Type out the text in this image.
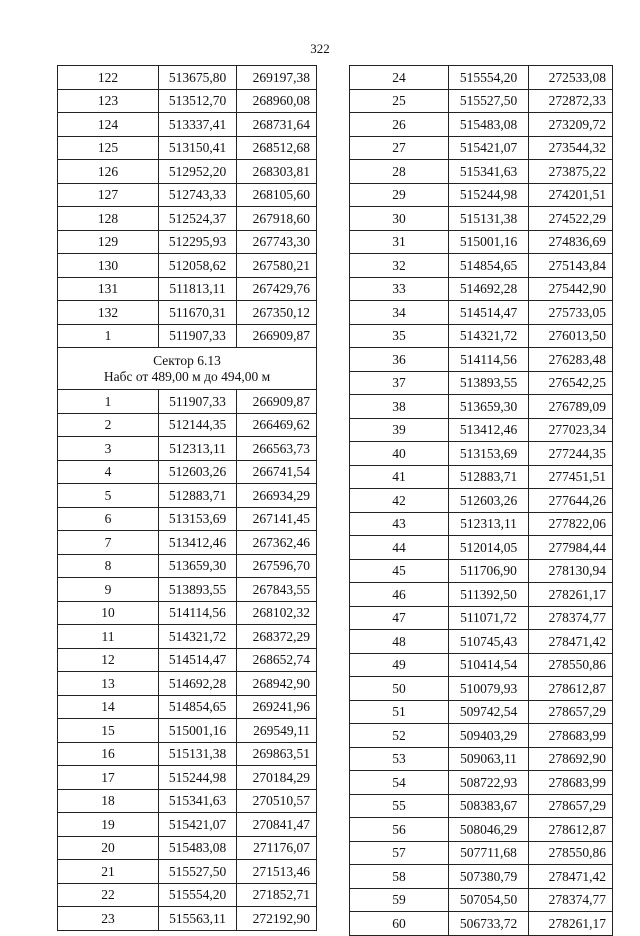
322
122	513675,80	269197,38
123	513512,70	268960,08
124	513337,41	268731,64
125	513150,41	268512,68
126	512952,20	268303,81
127	512743,33	268105,60
128	512524,37	267918,60
129	512295,93	267743,30
130	512058,62	267580,21
131	511813,11	267429,76
132	511670,31	267350,12
1	511907,33	266909,87

Сектор 6.13
Набс от 489,00 м до 494,00 м		

1	511907,33	266909,87
2	512144,35	266469,62
3	512313,11	266563,73
4	512603,26	266741,54
5	512883,71	266934,29
6	513153,69	267141,45
7	513412,46	267362,46
8	513659,30	267596,70
9	513893,55	267843,55
10	514114,56	268102,32
11	514321,72	268372,29
12	514514,47	268652,74
13	514692,28	268942,90
14	514854,65	269241,96
15	515001,16	269549,11
16	515131,38	269863,51
17	515244,98	270184,29
18	515341,63	270510,57
19	515421,07	270841,47
20	515483,08	271176,07
21	515527,50	271513,46
22	515554,20	271852,71
23	515563,11	272192,90
24	515554,20	272533,08
25	515527,50	272872,33
26	515483,08	273209,72
27	515421,07	273544,32
28	515341,63	273875,22
29	515244,98	274201,51
30	515131,38	274522,29
31	515001,16	274836,69
32	514854,65	275143,84
33	514692,28	275442,90
34	514514,47	275733,05
35	514321,72	276013,50
36	514114,56	276283,48
37	513893,55	276542,25
38	513659,30	276789,09
39	513412,46	277023,34
40	513153,69	277244,35
41	512883,71	277451,51
42	512603,26	277644,26
43	512313,11	277822,06
44	512014,05	277984,44
45	511706,90	278130,94
46	511392,50	278261,17
47	511071,72	278374,77
48	510745,43	278471,42
49	510414,54	278550,86
50	510079,93	278612,87
51	509742,54	278657,29
52	509403,29	278683,99
53	509063,11	278692,90
54	508722,93	278683,99
55	508383,67	278657,29
56	508046,29	278612,87
57	507711,68	278550,86
58	507380,79	278471,42
59	507054,50	278374,77
60	506733,72	278261,17
